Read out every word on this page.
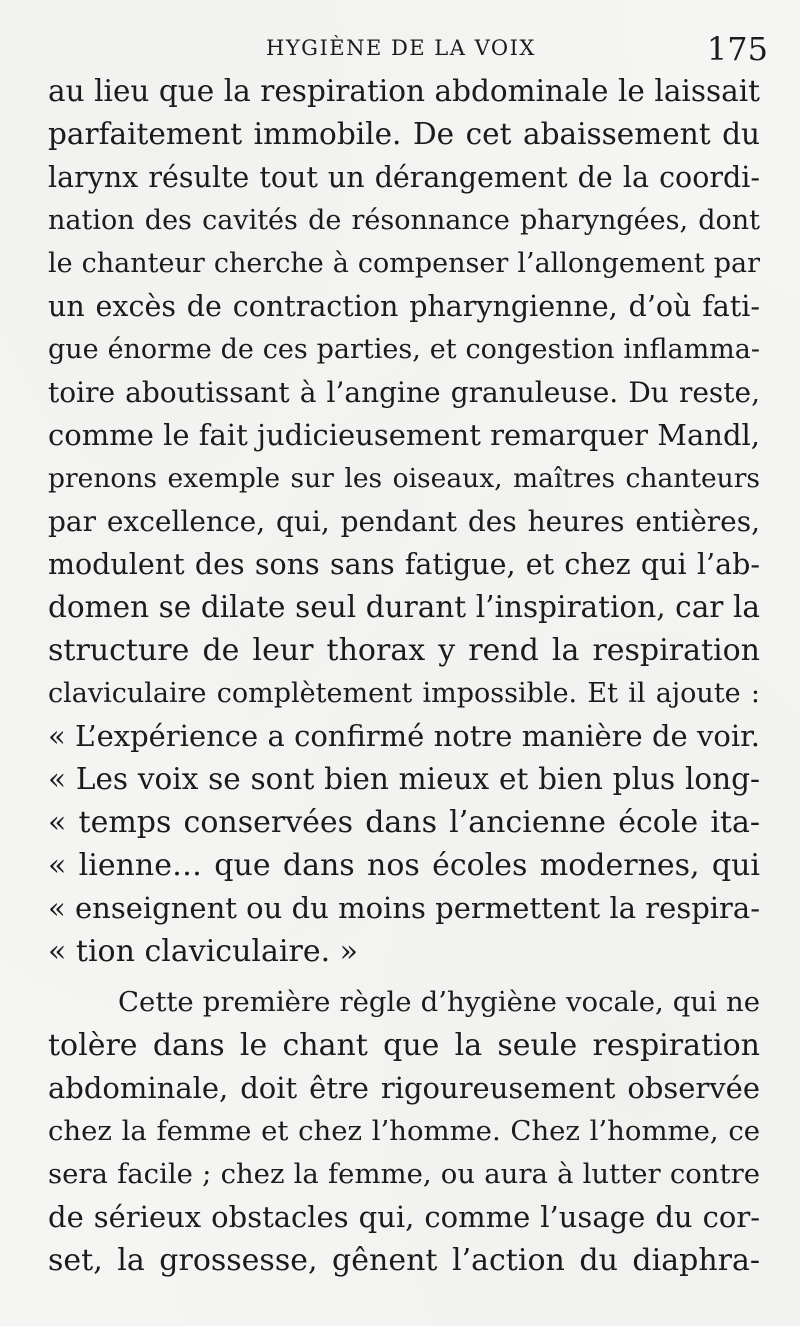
HYGIÈNE DE LA VOIX	175
au lieu que la respiration abdominale le laissait
parfaitement immobile. De cet abaissement du
larynx résulte tout un dérangement de la coordi-
nation des cavités de résonnance pharyngées, dont
le chanteur cherche à compenser l’allongement par
un excès de contraction pharyngienne, d’où fati-
gue énorme de ces parties, et congestion inflamma-
toire aboutissant à l’angine granuleuse. Du reste,
comme le fait judicieusement remarquer Mandl,
prenons exemple sur les oiseaux, maîtres chanteurs
par excellence, qui, pendant des heures entières,
modulent des sons sans fatigue, et chez qui l’ab-
domen se dilate seul durant l’inspiration, car la
structure de leur thorax y rend la respiration
claviculaire complètement impossible. Et il ajoute :
« L’expérience a confirmé notre manière de voir.
« Les voix se sont bien mieux et bien plus long-
« temps conservées dans l’ancienne école ita-
« lienne… que dans nos écoles modernes, qui
« enseignent ou du moins permettent la respira-
« tion claviculaire. »
Cette première règle d’hygiène vocale, qui ne
tolère dans le chant que la seule respiration
abdominale, doit être rigoureusement observée
chez la femme et chez l’homme. Chez l’homme, ce
sera facile ; chez la femme, ou aura à lutter contre
de sérieux obstacles qui, comme l’usage du cor-
set, la grossesse, gênent l’action du diaphra-
